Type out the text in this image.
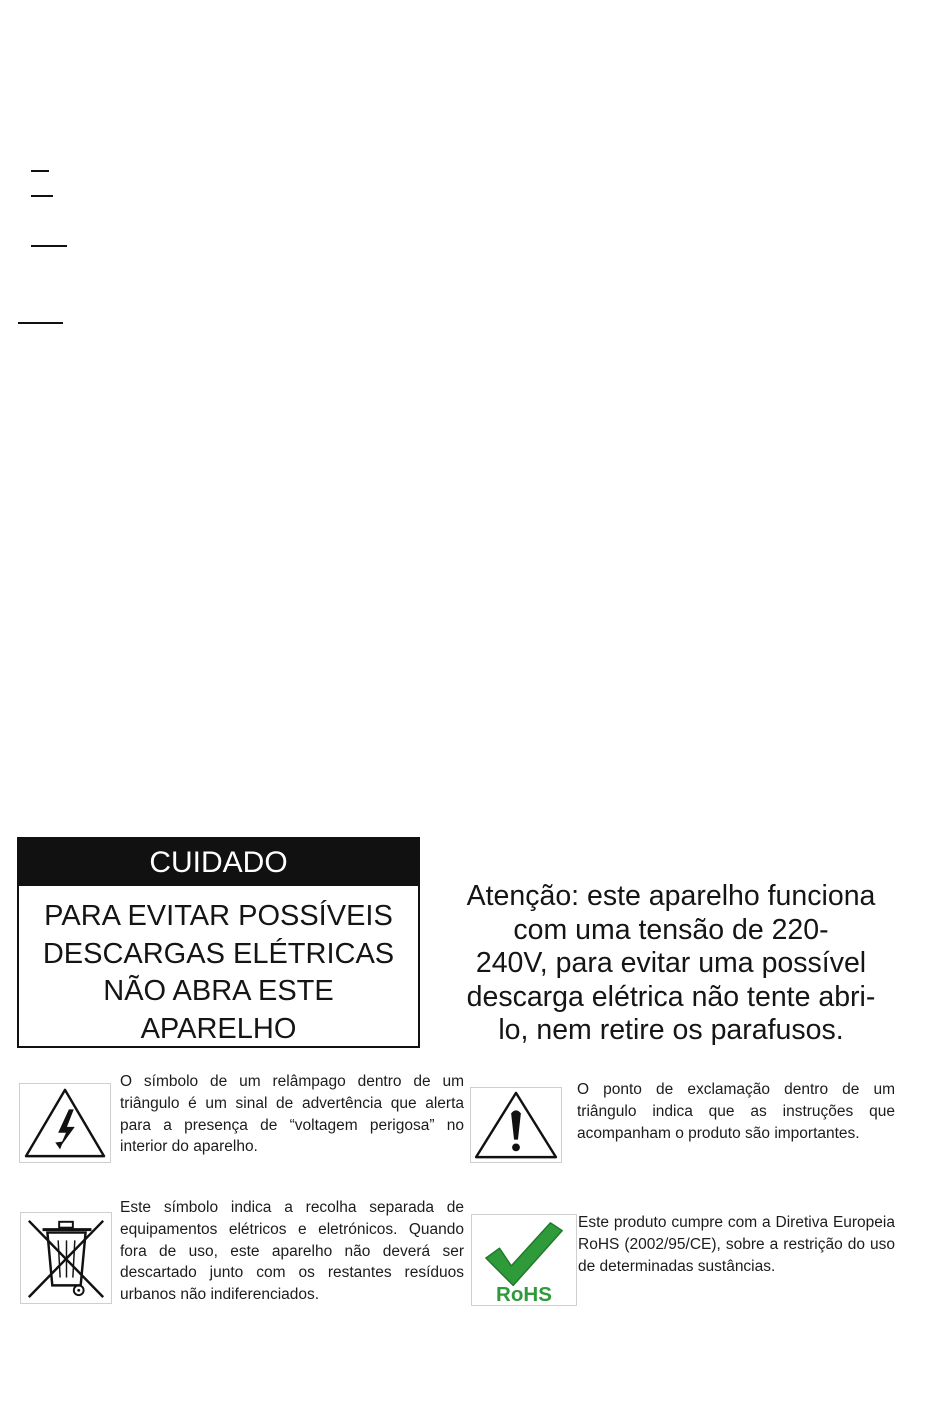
CUIDADO
PARA EVITAR POSSÍVEIS
DESCARGAS ELÉTRICAS
NÃO ABRA ESTE
APARELHO
Atenção: este aparelho funciona
com uma tensão de 220-
240V, para evitar uma possível
descarga elétrica não tente abri-
lo, nem retire os parafusos.
O símbolo de um relâmpago dentro de um triângulo é um sinal de advertência que alerta para a presença de “voltagem perigosa” no interior do aparelho.
O ponto de exclamação dentro de um triângulo indica que as instruções que acompanham o produto são importantes.
Este símbolo indica a recolha separada de equipamentos elétricos e eletrónicos. Quando fora de uso, este aparelho não deverá ser descartado junto com os restantes resíduos urbanos não indiferenciados.	RoHS
Este produto cumpre com a Diretiva Europeia RoHS (2002/95/CE), sobre a restrição do uso de determinadas sustâncias.
